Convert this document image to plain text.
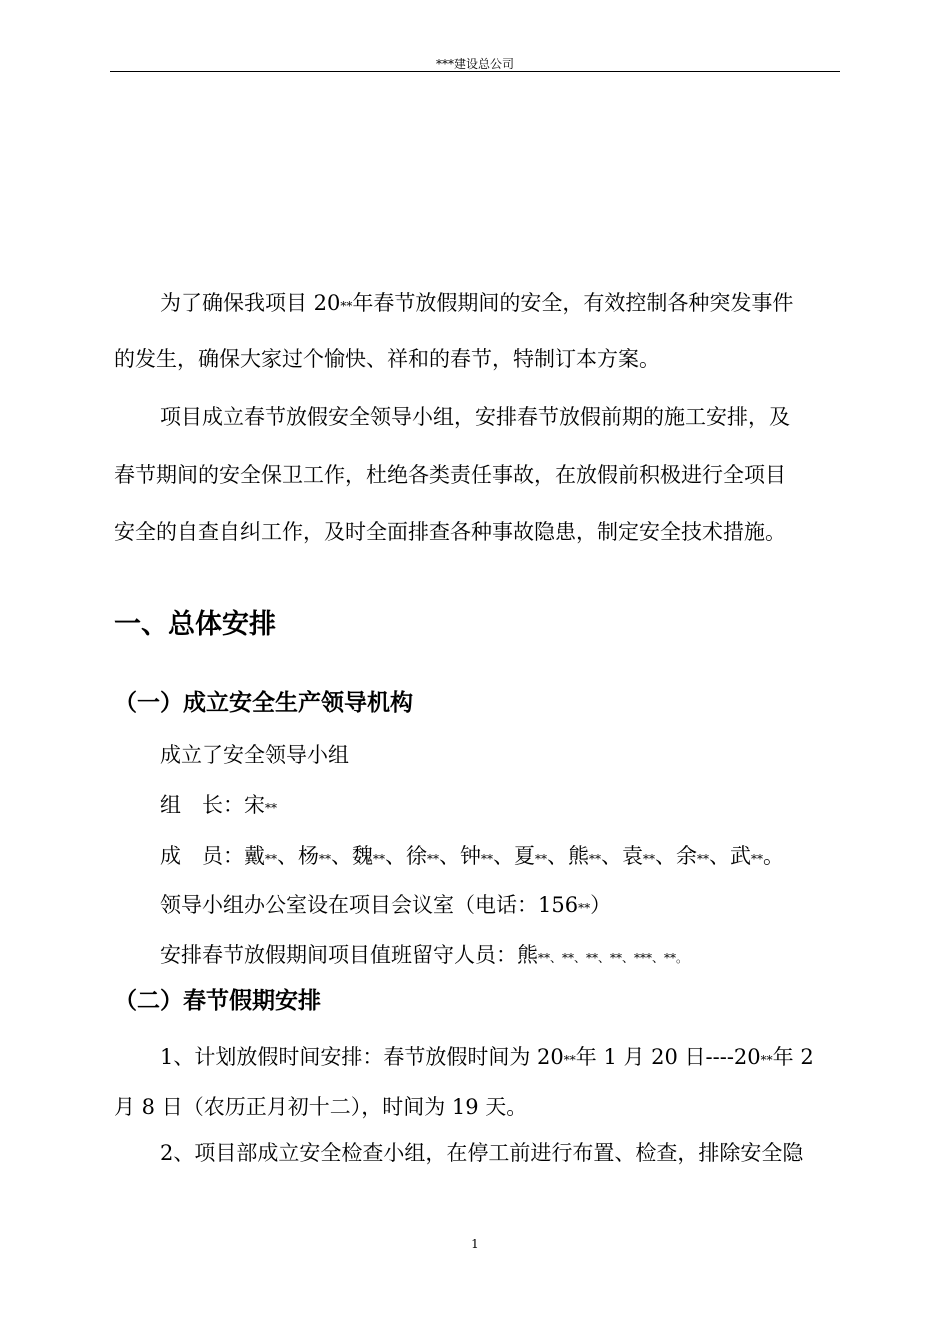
***建设总公司
为了确保我项目 20**年春节放假期间的安全，有效控制各种突发事件
的发生，确保大家过个愉快、祥和的春节，特制订本方案。
项目成立春节放假安全领导小组，安排春节放假前期的施工安排，及
春节期间的安全保卫工作，杜绝各类责任事故，在放假前积极进行全项目
安全的自查自纠工作，及时全面排查各种事故隐患，制定安全技术措施。
一、总体安排
（一）成立安全生产领导机构
成立了安全领导小组
组　长：宋**
成　员：戴**、杨**、魏**、徐**、钟**、夏**、熊**、袁**、余**、武**。
领导小组办公室设在项目会议室（电话：156**）
安排春节放假期间项目值班留守人员：熊**、**、**、**、***、**。
（二）春节假期安排
1、计划放假时间安排：春节放假时间为 20**年 1 月 20 日----20**年 2
月 8 日（农历正月初十二），时间为 19 天。
2、项目部成立安全检查小组，在停工前进行布置、检查，排除安全隐
1
